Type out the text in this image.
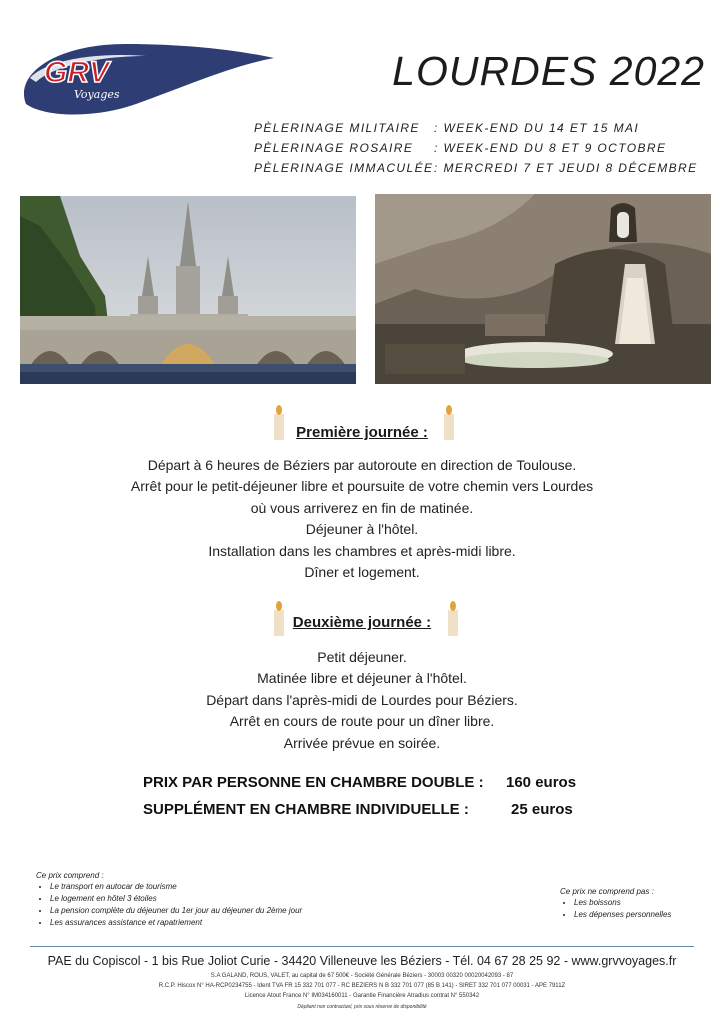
GRV
Voyages
LOURDES 2022
PÈLERINAGE MILITAIRE : WEEK-END DU 14 ET 15 MAI
PÈLERINAGE ROSAIRE : WEEK-END DU 8 ET 9 OCTOBRE
PÈLERINAGE IMMACULÉE: MERCREDI 7 ET JEUDI 8 DÉCEMBRE
Première journée :
Départ à 6 heures de Béziers par autoroute en direction de Toulouse.
Arrêt pour le petit-déjeuner libre et poursuite de votre chemin vers Lourdes
où vous arriverez en fin de matinée.
Déjeuner à l'hôtel.
Installation dans les chambres et après-midi libre.
Dîner et logement.
Deuxième journée :
Petit déjeuner.
Matinée libre et déjeuner à l'hôtel.
Départ dans l'après-midi de Lourdes pour Béziers.
Arrêt en cours de route pour un dîner libre.
Arrivée prévue en soirée.
PRIX PAR PERSONNE EN CHAMBRE DOUBLE : 160 euros
SUPPLÉMENT EN CHAMBRE INDIVIDUELLE :	25 euros
Ce prix comprend :
• Le transport en autocar de tourisme
• Le logement en hôtel 3 étoiles
• La pension complète du déjeuner du 1er jour au déjeuner du 2ème jour
• Les assurances assistance et rapatriement
Ce prix ne comprend pas :
• Les boissons
• Les dépenses personnelles
PAE du Copiscol - 1 bis Rue Joliot Curie - 34420 Villeneuve les Béziers - Tél. 04 67 28 25 92 - www.grvvoyages.fr
S.A GALAND, ROUS, VALET, au capital de 67 500€ - Société Générale Béziers - 30003 00320 00020042093 - 87
R.C.P. Hiscox N° HA-RCP0234755 - Ident TVA FR 15 332 701 077 - RC BEZIERS N B 332 701 077 (85 B 141) - SIRET 332 701 077 00031 - APE 7911Z
Licence Atout France N° IM034160011 - Garantie Financière Atradius contrat N° 550342
Dépliant non contractuel, prix sous réserve de disponibilité
